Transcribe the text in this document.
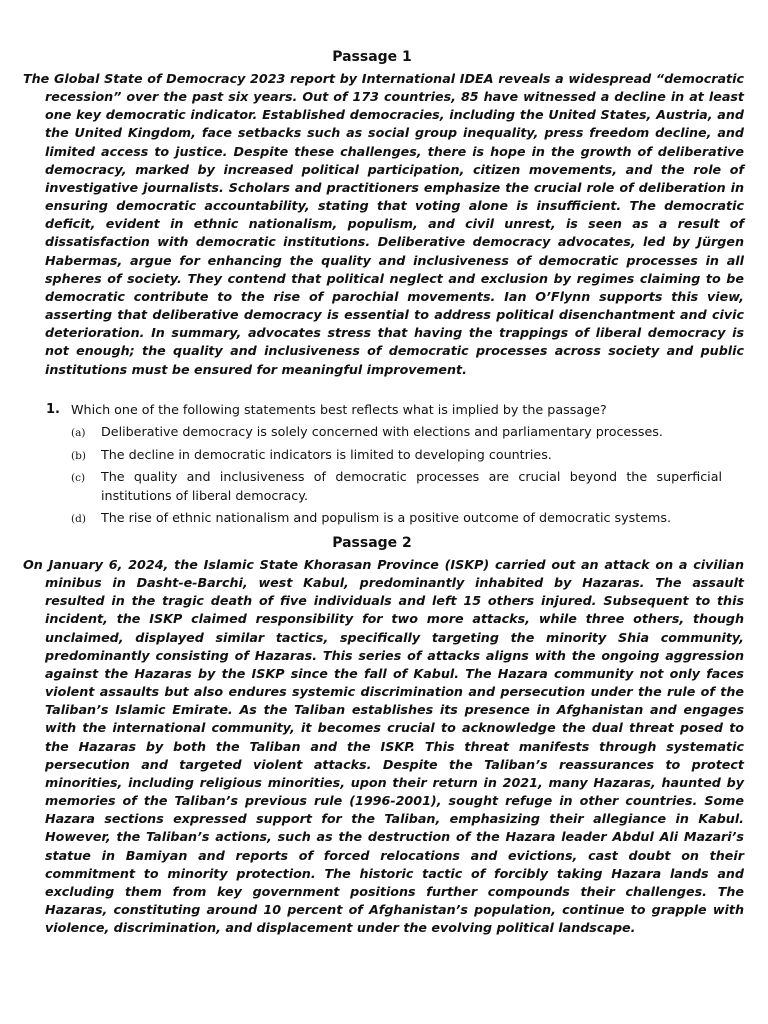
Passage 1
The Global State of Democracy 2023 report by International IDEA reveals a widespread “democratic recession” over the past six years. Out of 173 countries, 85 have witnessed a decline in at least one key democratic indicator. Established democracies, including the United States, Austria, and the United Kingdom, face setbacks such as social group inequality, press freedom decline, and limited access to justice. Despite these challenges, there is hope in the growth of deliberative democracy, marked by increased political participation, citizen movements, and the role of investigative journalists. Scholars and practitioners emphasize the crucial role of deliberation in ensuring democratic accountability, stating that voting alone is insufficient. The democratic deficit, evident in ethnic nationalism, populism, and civil unrest, is seen as a result of dissatisfaction with democratic institutions. Deliberative democracy advocates, led by Jürgen Habermas, argue for enhancing the quality and inclusiveness of democratic processes in all spheres of society. They contend that political neglect and exclusion by regimes claiming to be democratic contribute to the rise of parochial movements. Ian O’Flynn supports this view, asserting that deliberative democracy is essential to address political disenchantment and civic deterioration. In summary, advocates stress that having the trappings of liberal democracy is not enough; the quality and inclusiveness of democratic processes across society and public institutions must be ensured for meaningful improvement.
1. Which one of the following statements best reflects what is implied by the passage?
(a) Deliberative democracy is solely concerned with elections and parliamentary processes.
(b) The decline in democratic indicators is limited to developing countries.
(c) The quality and inclusiveness of democratic processes are crucial beyond the superficial institutions of liberal democracy.
(d) The rise of ethnic nationalism and populism is a positive outcome of democratic systems.
Passage 2
On January 6, 2024, the Islamic State Khorasan Province (ISKP) carried out an attack on a civilian minibus in Dasht-e-Barchi, west Kabul, predominantly inhabited by Hazaras. The assault resulted in the tragic death of five individuals and left 15 others injured. Subsequent to this incident, the ISKP claimed responsibility for two more attacks, while three others, though unclaimed, displayed similar tactics, specifically targeting the minority Shia community, predominantly consisting of Hazaras. This series of attacks aligns with the ongoing aggression against the Hazaras by the ISKP since the fall of Kabul. The Hazara community not only faces violent assaults but also endures systemic discrimination and persecution under the rule of the Taliban’s Islamic Emirate. As the Taliban establishes its presence in Afghanistan and engages with the international community, it becomes crucial to acknowledge the dual threat posed to the Hazaras by both the Taliban and the ISKP. This threat manifests through systematic persecution and targeted violent attacks. Despite the Taliban’s reassurances to protect minorities, including religious minorities, upon their return in 2021, many Hazaras, haunted by memories of the Taliban’s previous rule (1996-2001), sought refuge in other countries. Some Hazara sections expressed support for the Taliban, emphasizing their allegiance in Kabul. However, the Taliban’s actions, such as the destruction of the Hazara leader Abdul Ali Mazari’s statue in Bamiyan and reports of forced relocations and evictions, cast doubt on their commitment to minority protection. The historic tactic of forcibly taking Hazara lands and excluding them from key government positions further compounds their challenges. The Hazaras, constituting around 10 percent of Afghanistan’s population, continue to grapple with violence, discrimination, and displacement under the evolving political landscape.
